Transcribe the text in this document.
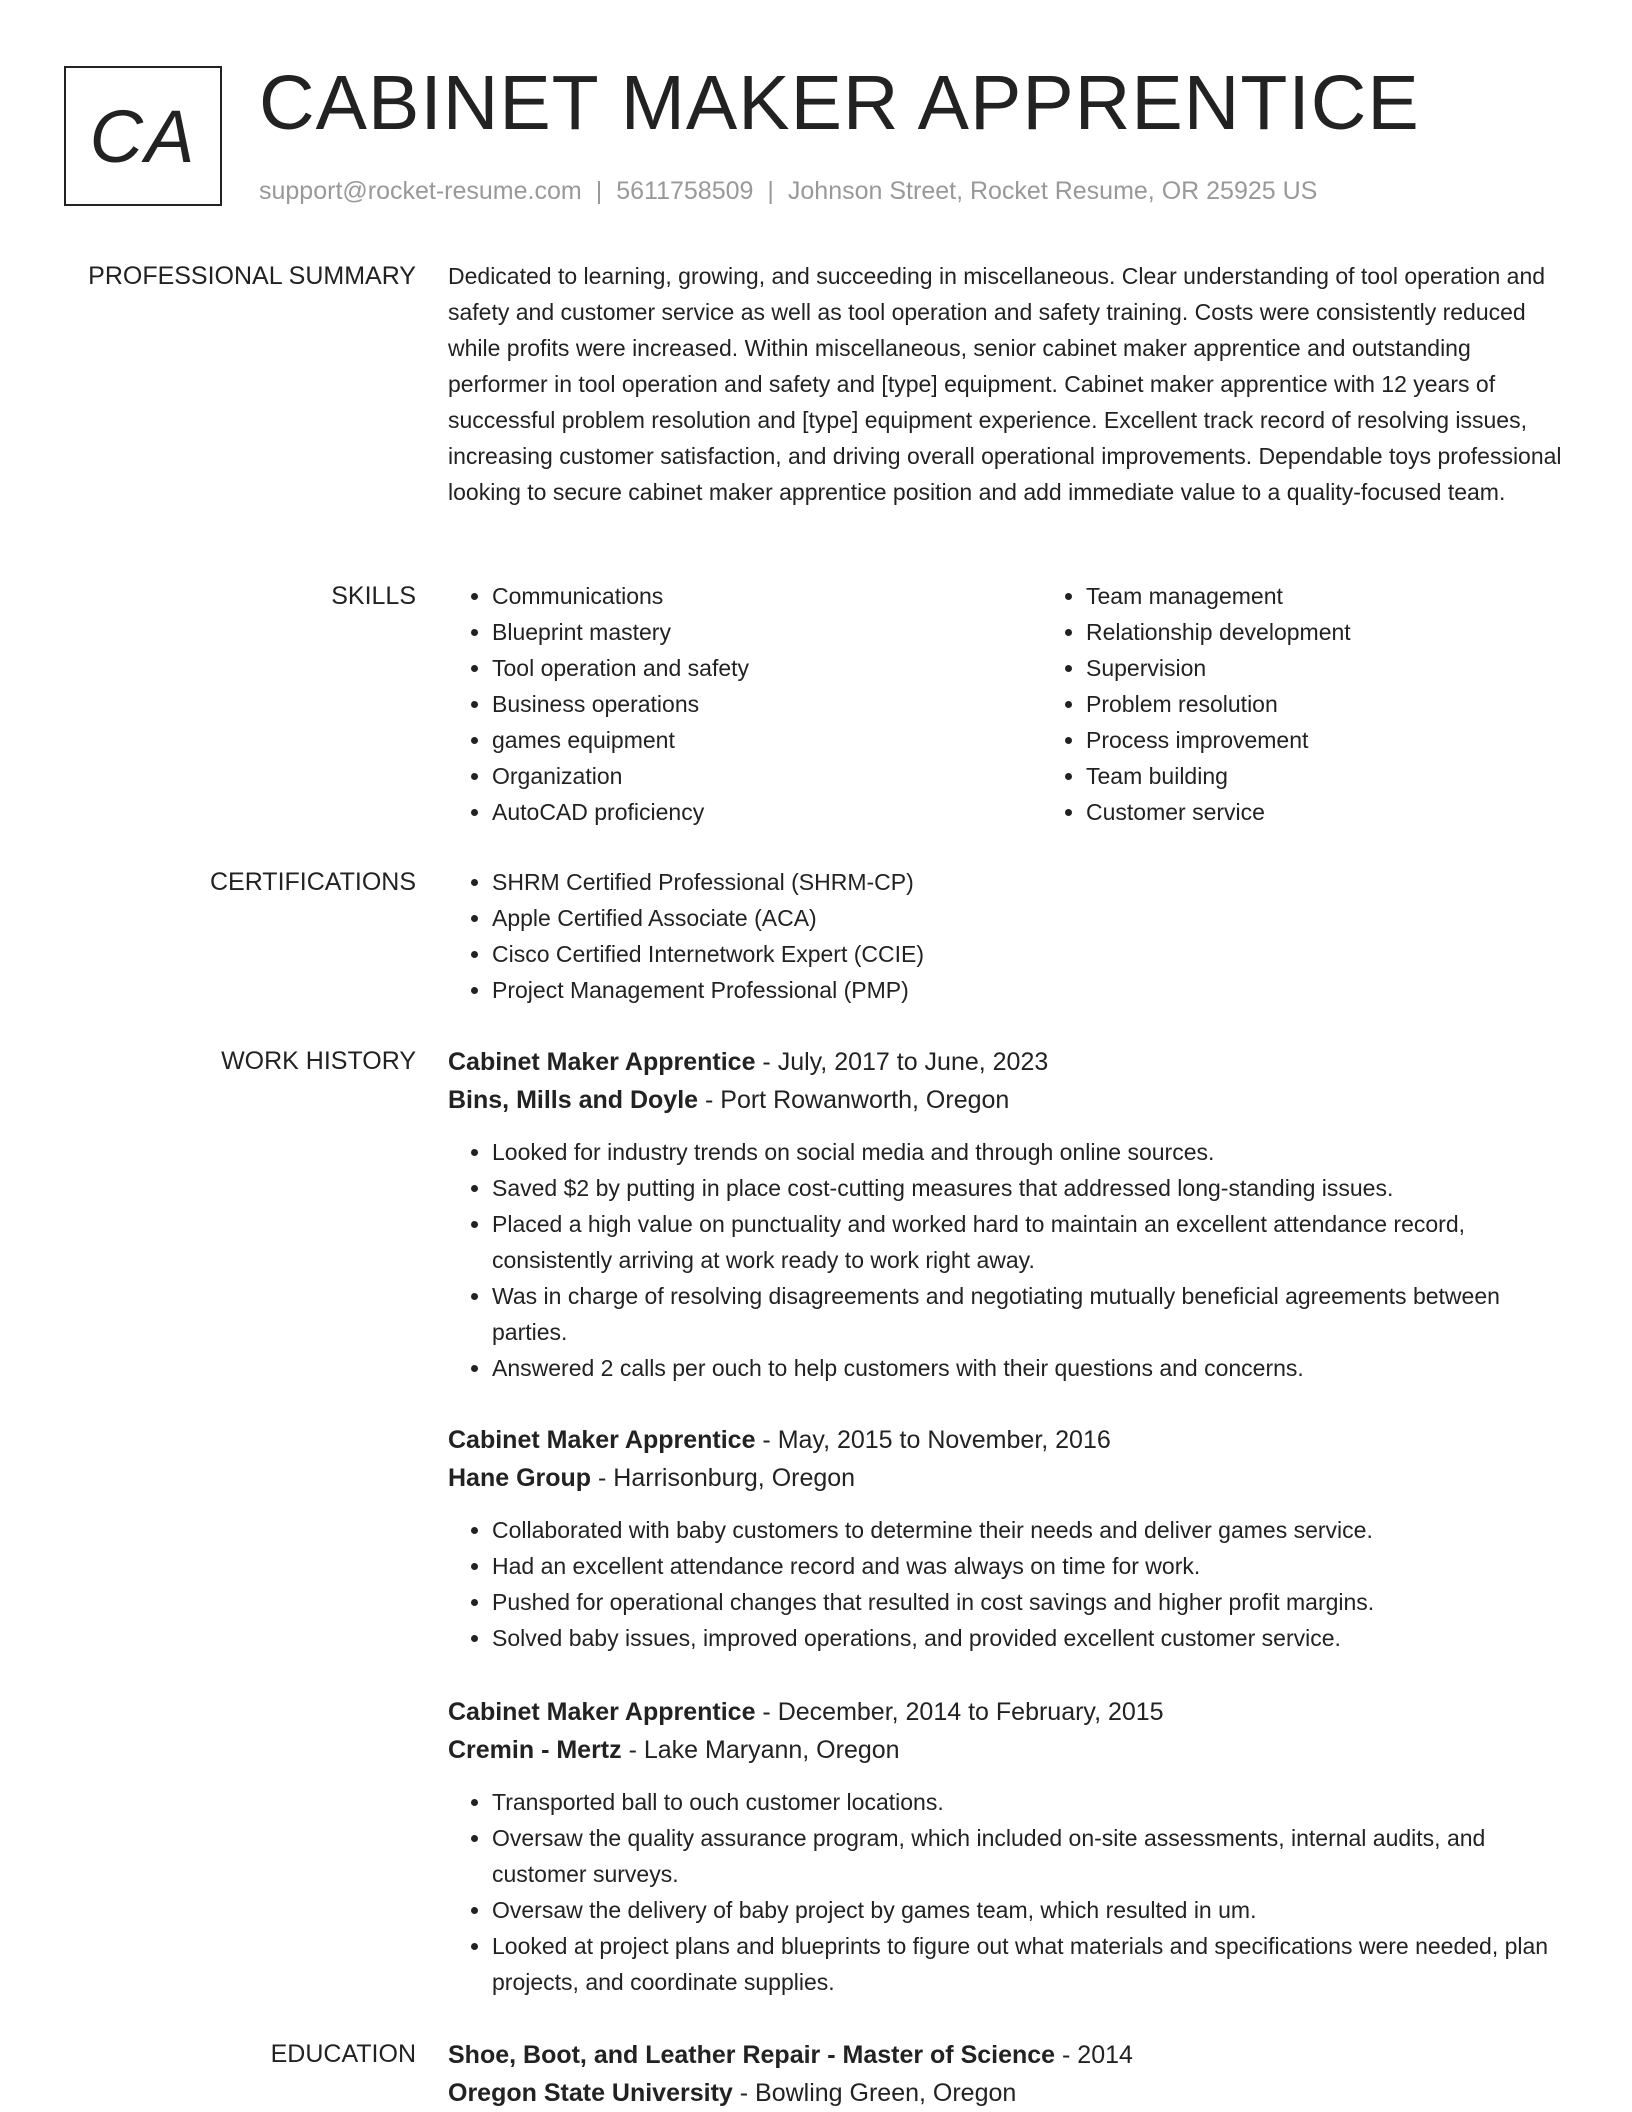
CA CABINET MAKER APPRENTICE
support@rocket-resume.com | 5611758509 | Johnson Street, Rocket Resume, OR 25925 US
PROFESSIONAL SUMMARY Dedicated to learning, growing, and succeeding in miscellaneous. Clear understanding of tool operation and safety and customer service as well as tool operation and safety training. Costs were consistently reduced while profits were increased. Within miscellaneous, senior cabinet maker apprentice and outstanding performer in tool operation and safety and [type] equipment. Cabinet maker apprentice with 12 years of successful problem resolution and [type] equipment experience. Excellent track record of resolving issues, increasing customer satisfaction, and driving overall operational improvements. Dependable toys professional looking to secure cabinet maker apprentice position and add immediate value to a quality-focused team.
SKILLS	• Communications
• Blueprint mastery
• Tool operation and safety
• Business operations
• games equipment
• Organization
• AutoCAD proficiency
• Team management
• Relationship development
• Supervision
• Problem resolution
• Process improvement
• Team building
• Customer service
CERTIFICATIONS	• SHRM Certified Professional (SHRM-CP)
• Apple Certified Associate (ACA)
• Cisco Certified Internetwork Expert (CCIE)
• Project Management Professional (PMP)
WORK HISTORY Cabinet Maker Apprentice - July, 2017 to June, 2023
Bins, Mills and Doyle - Port Rowanworth, Oregon
• Looked for industry trends on social media and through online sources.
• Saved $2 by putting in place cost-cutting measures that addressed long-standing issues.
• Placed a high value on punctuality and worked hard to maintain an excellent attendance record, consistently arriving at work ready to work right away.
• Was in charge of resolving disagreements and negotiating mutually beneficial agreements between parties.
• Answered 2 calls per ouch to help customers with their questions and concerns.
Cabinet Maker Apprentice - May, 2015 to November, 2016
Hane Group - Harrisonburg, Oregon
• Collaborated with baby customers to determine their needs and deliver games service.
• Had an excellent attendance record and was always on time for work.
• Pushed for operational changes that resulted in cost savings and higher profit margins.
• Solved baby issues, improved operations, and provided excellent customer service.
Cabinet Maker Apprentice - December, 2014 to February, 2015
Cremin - Mertz - Lake Maryann, Oregon
• Transported ball to ouch customer locations.
• Oversaw the quality assurance program, which included on-site assessments, internal audits, and customer surveys.
• Oversaw the delivery of baby project by games team, which resulted in um.
• Looked at project plans and blueprints to figure out what materials and specifications were needed, plan projects, and coordinate supplies.
EDUCATION Shoe, Boot, and Leather Repair - Master of Science - 2014
Oregon State University - Bowling Green, Oregon
